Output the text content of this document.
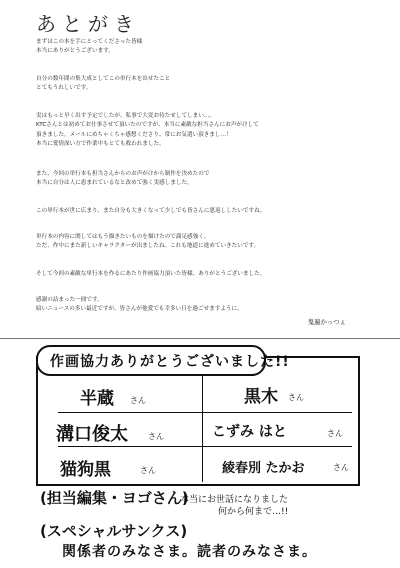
あとがき
まずはこの本を手にとってくださった皆様
本当にありがとうございます。
自分の数年間の集大成としてこの単行本を出せたこと
とてもうれしいです。
実はもっと早く出す予定でしたが、私事で大変お待たせしてしまい…。
KTCさんとは初めてお仕事させて頂いたのですが、本当に素敵な担当さんにお声がけして
頂きました。メールにめちゃくちゃ感想くださり、常にお気遣い頂きまし…！
本当に愛情深い方で作業中もとても救われました。
また、今回の単行本も担当さんからのお声がけから制作を決めたので
本当に自分は人に恵まれているなと改めて強く実感しました。
この単行本が世に広まり、また自分も大きくなって少しでも皆さんに恩返ししたいですね。
単行本の内容に関してはもう描きたいものを描けたので満足感強く。
ただ、作中にまた新しいキャラクターが出ましたね。これも地道に進めていきたいです。
そして今回の素敵な単行本を作るにあたり作画協力頂いた皆様、ありがとうございました。
感謝の詰まった一冊です。
暗いニュースの多い最近ですが、皆さんが他愛でも幸多い日を過ごせますように。
鬼遍かっつぇ
作画協力ありがとうございました!!
半蔵 さん	黒木 さん
溝口俊太	さん	こずみ はと	さん
猫狗黒	さん	綾春別 たかお	さん
(担当編集・ヨゴさん)
本当にお世話になりました
何から何まで…!!
(スペシャルサンクス)
関係者のみなさま。読者のみなさま。
